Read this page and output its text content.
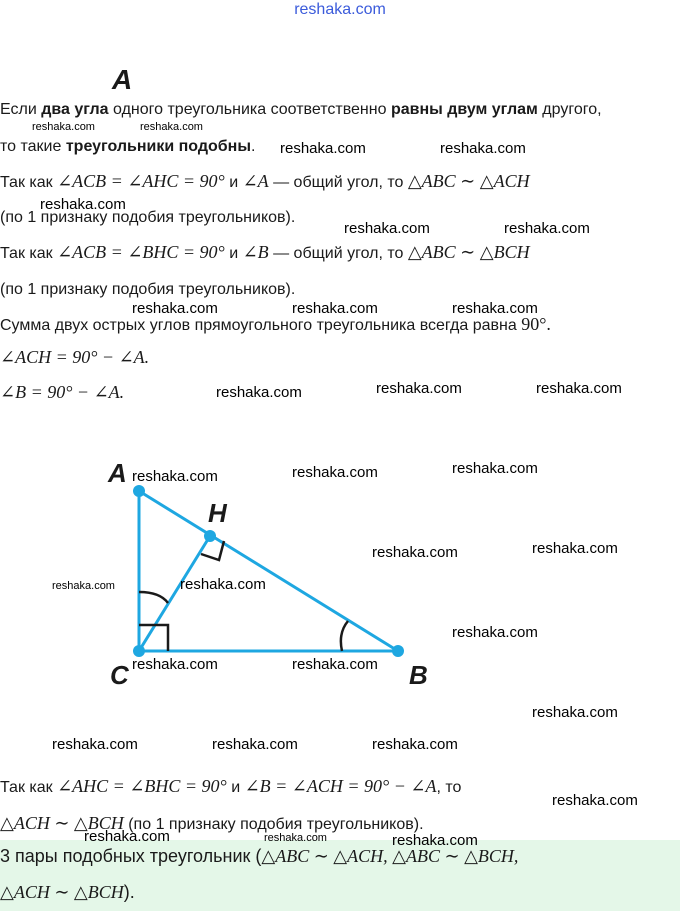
reshaka.com
А
Если два угла одного треугольника соответственно равны двум углам другого,
то такие треугольники подобны.
Так как ∠ACB = ∠AHC = 90° и ∠A — общий угол, то △ABC ∼ △ACH
(по 1 признаку подобия треугольников).
Так как ∠ACB = ∠BHC = 90° и ∠B — общий угол, то △ABC ∼ △BCH
(по 1 признаку подобия треугольников).
Сумма двух острых углов прямоугольного треугольника всегда равна 90°.
∠ACH = 90° − ∠A.
∠B = 90° − ∠A.
A
H
C	B
Так как ∠AHC = ∠BHC = 90° и ∠B = ∠ACH = 90° − ∠A, то
△ACH ∼ △BCH (по 1 признаку подобия треугольников).
3 пары подобных треугольник (△ABC ∼ △ACH, △ABC ∼ △BCH,
△ACH ∼ △BCH).
reshaka.com	reshaka.com
reshaka.com	reshaka.com
reshaka.com
reshaka.com	reshaka.com
reshaka.com	reshaka.com	reshaka.com
reshaka.com	reshaka.com	reshaka.com
reshaka.com	reshaka.com	reshaka.com
reshaka.com	reshaka.com
reshaka.com	reshaka.com
reshaka.com
reshaka.com	reshaka.com
reshaka.com
reshaka.com	reshaka.com	reshaka.com
reshaka.com
reshaka.com	reshaka.com	reshaka.com
